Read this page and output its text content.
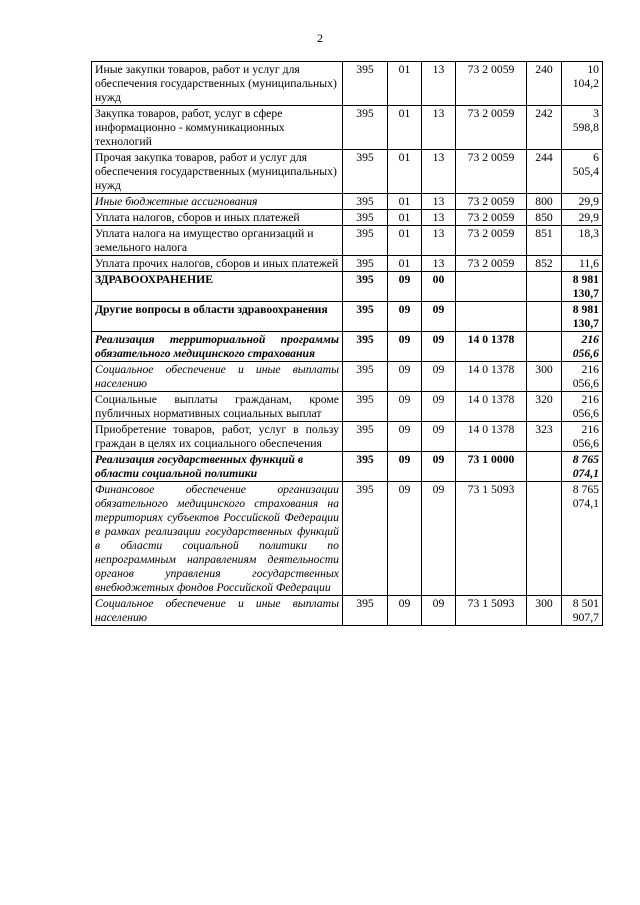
2
Иные закупки товаров, работ и услуг для обеспечения государственных (муниципальных) нужд	395	01	13	73 2 0059	240	10 104,2
Закупка товаров, работ, услуг в сфере информационно - коммуникационных технологий	395	01	13	73 2 0059	242	3 598,8
Прочая закупка товаров, работ и услуг для обеспечения государственных (муниципальных) нужд	395	01	13	73 2 0059	244	6 505,4
Иные бюджетные ассигнования	395	01	13	73 2 0059	800	29,9
Уплата налогов, сборов и иных платежей	395	01	13	73 2 0059	850	29,9
Уплата налога на имущество организаций и земельного налога	395	01	13	73 2 0059	851	18,3
Уплата прочих налогов, сборов и иных платежей	395	01	13	73 2 0059	852	11,6
ЗДРАВООХРАНЕНИЕ	395	09	00			8 981 130,7
Другие вопросы в области здравоохранения	395	09	09			8 981 130,7
Реализация территориальной программы обязательного медицинского страхования	395	09	09	14 0 1378		216 056,6
Социальное обеспечение и иные выплаты населению	395	09	09	14 0 1378	300	216 056,6
Социальные выплаты гражданам, кроме публичных нормативных социальных выплат	395	09	09	14 0 1378	320	216 056,6
Приобретение товаров, работ, услуг в пользу граждан в целях их социального обеспечения	395	09	09	14 0 1378	323	216 056,6
Реализация государственных функций в области социальной политики	395	09	09	73 1 0000		8 765 074,1
Финансовое обеспечение организации обязательного медицинского страхования на территориях субъектов Российской Федерации в рамках реализации государственных функций в области социальной политики по непрограммным направлениям деятельности органов управления государственных внебюджетных фондов Российской Федерации	395	09	09	73 1 5093		8 765 074,1
Социальное обеспечение и иные выплаты населению	395	09	09	73 1 5093	300	8 501 907,7
